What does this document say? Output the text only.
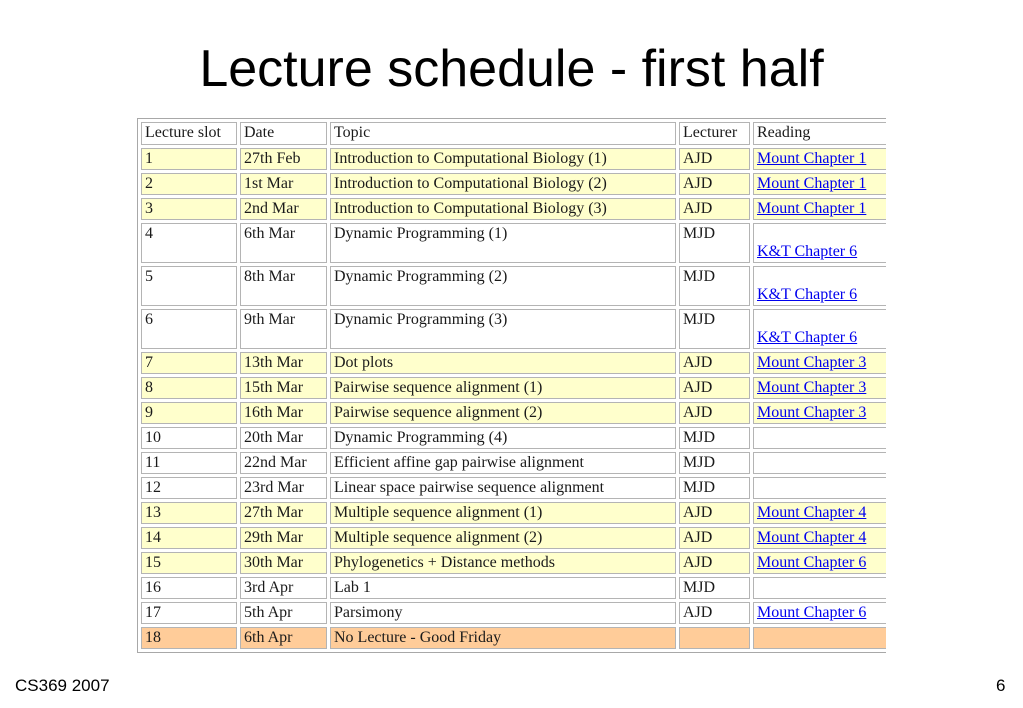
Lecture schedule - first half
Lecture slot	Date	Topic	Lecturer	Reading
1	27th Feb	Introduction to Computational Biology (1)	AJD	Mount Chapter 1
2	1st Mar	Introduction to Computational Biology (2)	AJD	Mount Chapter 1
3	2nd Mar	Introduction to Computational Biology (3)	AJD	Mount Chapter 1
4	6th Mar	Dynamic Programming (1)	MJD	K&T Chapter 6
5	8th Mar	Dynamic Programming (2)	MJD	K&T Chapter 6
6	9th Mar	Dynamic Programming (3)	MJD	K&T Chapter 6
7	13th Mar	Dot plots	AJD	Mount Chapter 3
8	15th Mar	Pairwise sequence alignment (1)	AJD	Mount Chapter 3
9	16th Mar	Pairwise sequence alignment (2)	AJD	Mount Chapter 3
10	20th Mar	Dynamic Programming (4)	MJD	
11	22nd Mar	Efficient affine gap pairwise alignment	MJD	
12	23rd Mar	Linear space pairwise sequence alignment	MJD	
13	27th Mar	Multiple sequence alignment (1)	AJD	Mount Chapter 4
14	29th Mar	Multiple sequence alignment (2)	AJD	Mount Chapter 4
15	30th Mar	Phylogenetics + Distance methods	AJD	Mount Chapter 6
16	3rd Apr	Lab 1	MJD	
17	5th Apr	Parsimony	AJD	Mount Chapter 6
18	6th Apr	No Lecture - Good Friday		
CS369 2007	6
